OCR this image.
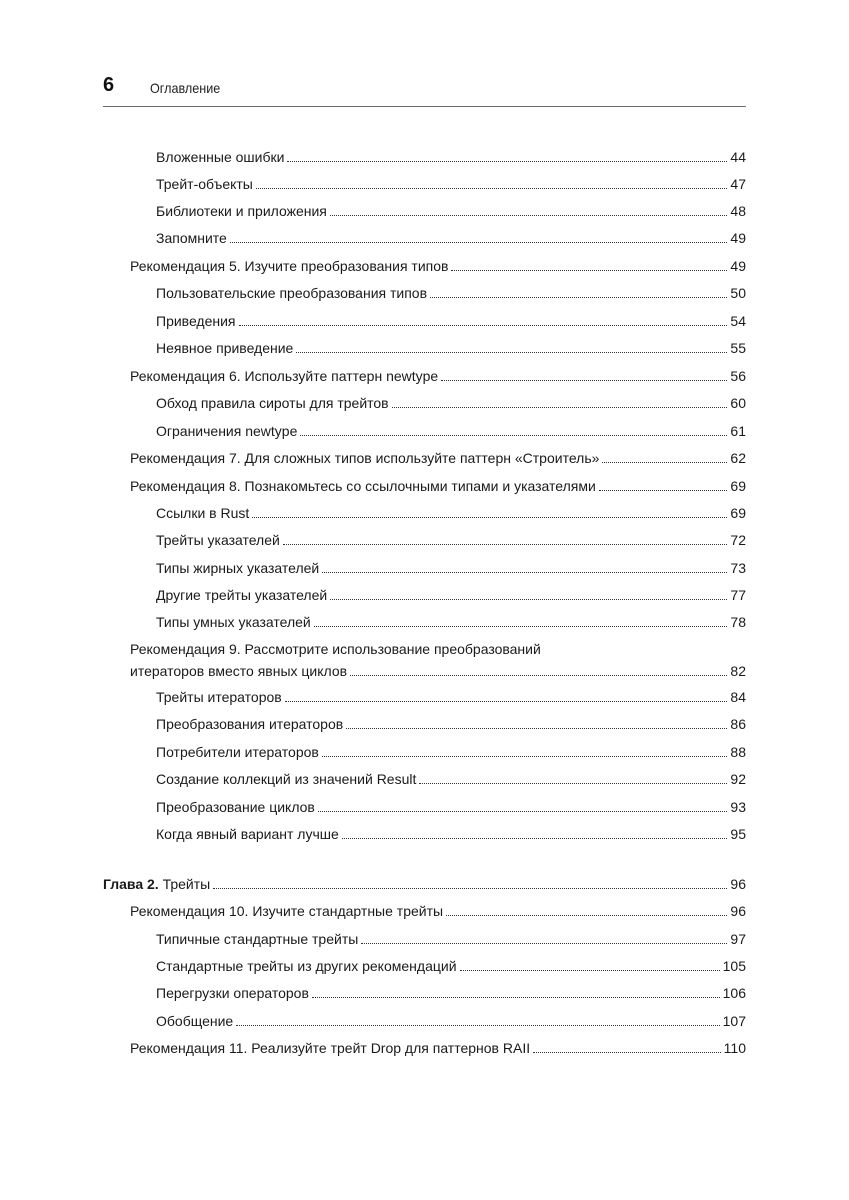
6	Оглавление
Вложенные ошибки	44
Трейт-объекты	47
Библиотеки и приложения	48
Запомните	49
Рекомендация 5. Изучите преобразования типов	49
Пользовательские преобразования типов	50
Приведения	54
Неявное приведение	55
Рекомендация 6. Используйте паттерн newtype	56
Обход правила сироты для трейтов	60
Ограничения newtype	61
Рекомендация 7. Для сложных типов используйте паттерн «Строитель»	62
Рекомендация 8. Познакомьтесь со ссылочными типами и указателями	69
Ссылки в Rust	69
Трейты указателей	72
Типы жирных указателей	73
Другие трейты указателей	77
Типы умных указателей	78
Рекомендация 9. Рассмотрите использование преобразований
итераторов вместо явных циклов	82
Трейты итераторов	84
Преобразования итераторов	86
Потребители итераторов	88
Создание коллекций из значений Result	92
Преобразование циклов	93
Когда явный вариант лучше	95
Глава 2. Трейты	96
Рекомендация 10. Изучите стандартные трейты	96
Типичные стандартные трейты	97
Стандартные трейты из других рекомендаций	105
Перегрузки операторов	106
Обобщение	107
Рекомендация 11. Реализуйте трейт Drop для паттернов RAII	110
